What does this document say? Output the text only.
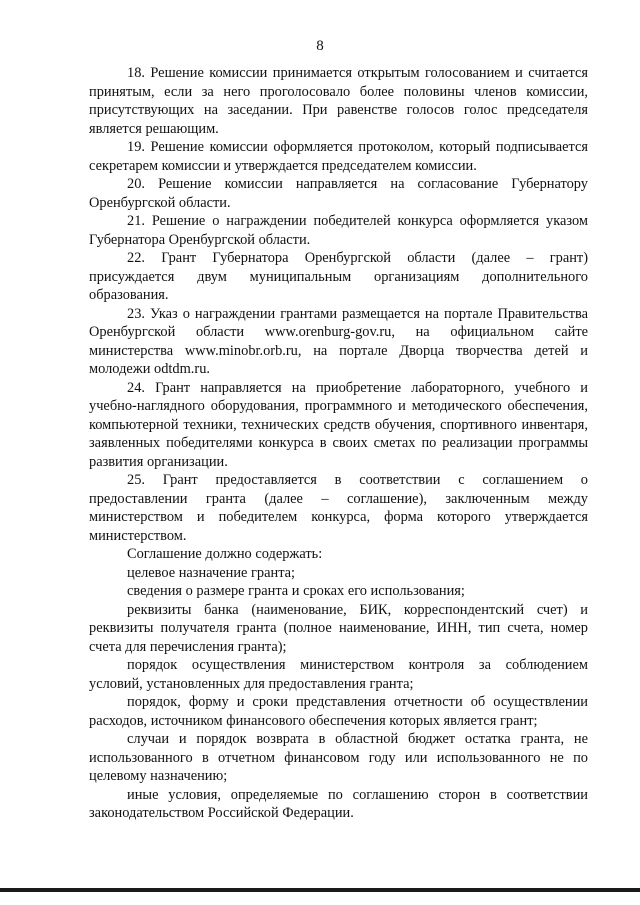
8

18. Решение комиссии принимается открытым голосованием и считается принятым, если за него проголосовало более половины членов комиссии, присутствующих на заседании. При равенстве голосов голос председателя является решающим.

19. Решение комиссии оформляется протоколом, который подписывается секретарем комиссии и утверждается председателем комиссии.

20. Решение комиссии направляется на согласование Губернатору Оренбургской области.

21. Решение о награждении победителей конкурса оформляется указом Губернатора Оренбургской области.

22. Грант Губернатора Оренбургской области (далее – грант) присуждается двум муниципальным организациям дополнительного образования.

23. Указ о награждении грантами размещается на портале Правительства Оренбургской области www.orenburg-gov.ru, на официальном сайте министерства www.minobr.orb.ru, на портале Дворца творчества детей и молодежи odtdm.ru.

24. Грант направляется на приобретение лабораторного, учебного и учебно-наглядного оборудования, программного и методического обеспечения, компьютерной техники, технических средств обучения, спортивного инвентаря, заявленных победителями конкурса в своих сметах по реализации программы развития организации.

25. Грант предоставляется в соответствии с соглашением о предоставлении гранта (далее – соглашение), заключенным между министерством и победителем конкурса, форма которого утверждается министерством.

Соглашение должно содержать:

целевое назначение гранта;

сведения о размере гранта и сроках его использования;

реквизиты банка (наименование, БИК, корреспондентский счет) и реквизиты получателя гранта (полное наименование, ИНН, тип счета, номер счета для перечисления гранта);

порядок осуществления министерством контроля за соблюдением условий, установленных для предоставления гранта;

порядок, форму и сроки представления отчетности об осуществлении расходов, источником финансового обеспечения которых является грант;

случаи и порядок возврата в областной бюджет остатка гранта, не использованного в отчетном финансовом году или использованного не по целевому назначению;

иные условия, определяемые по соглашению сторон в соответствии законодательством Российской Федерации.
